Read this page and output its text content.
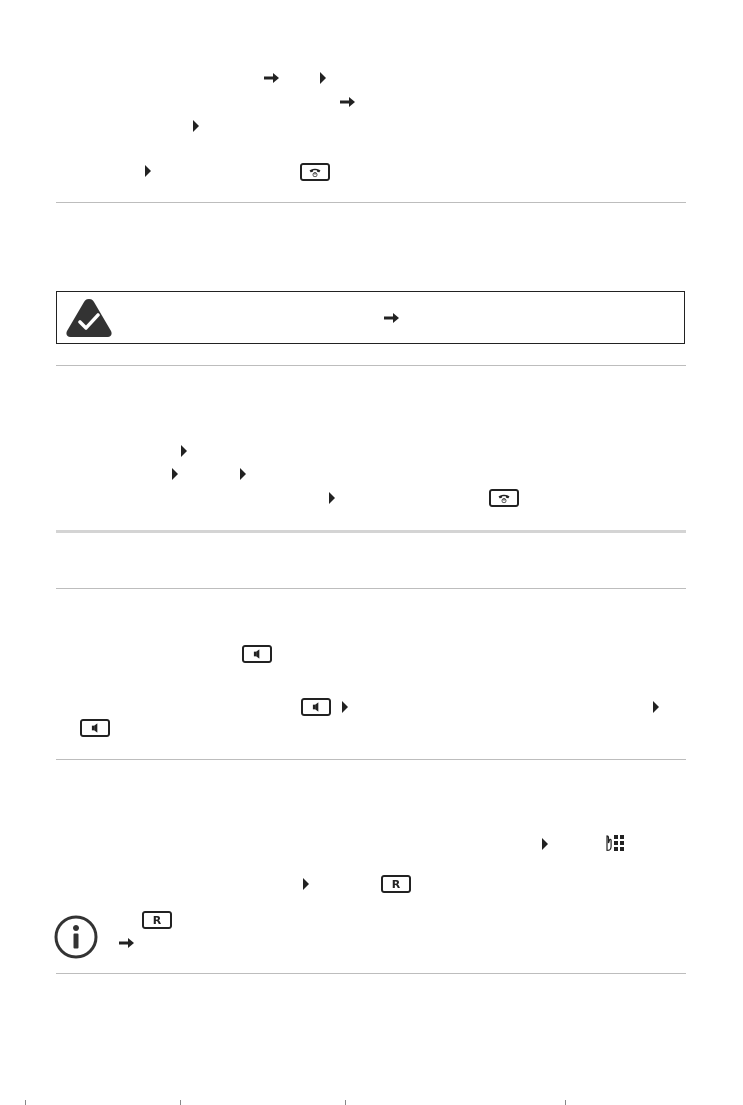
R
R
